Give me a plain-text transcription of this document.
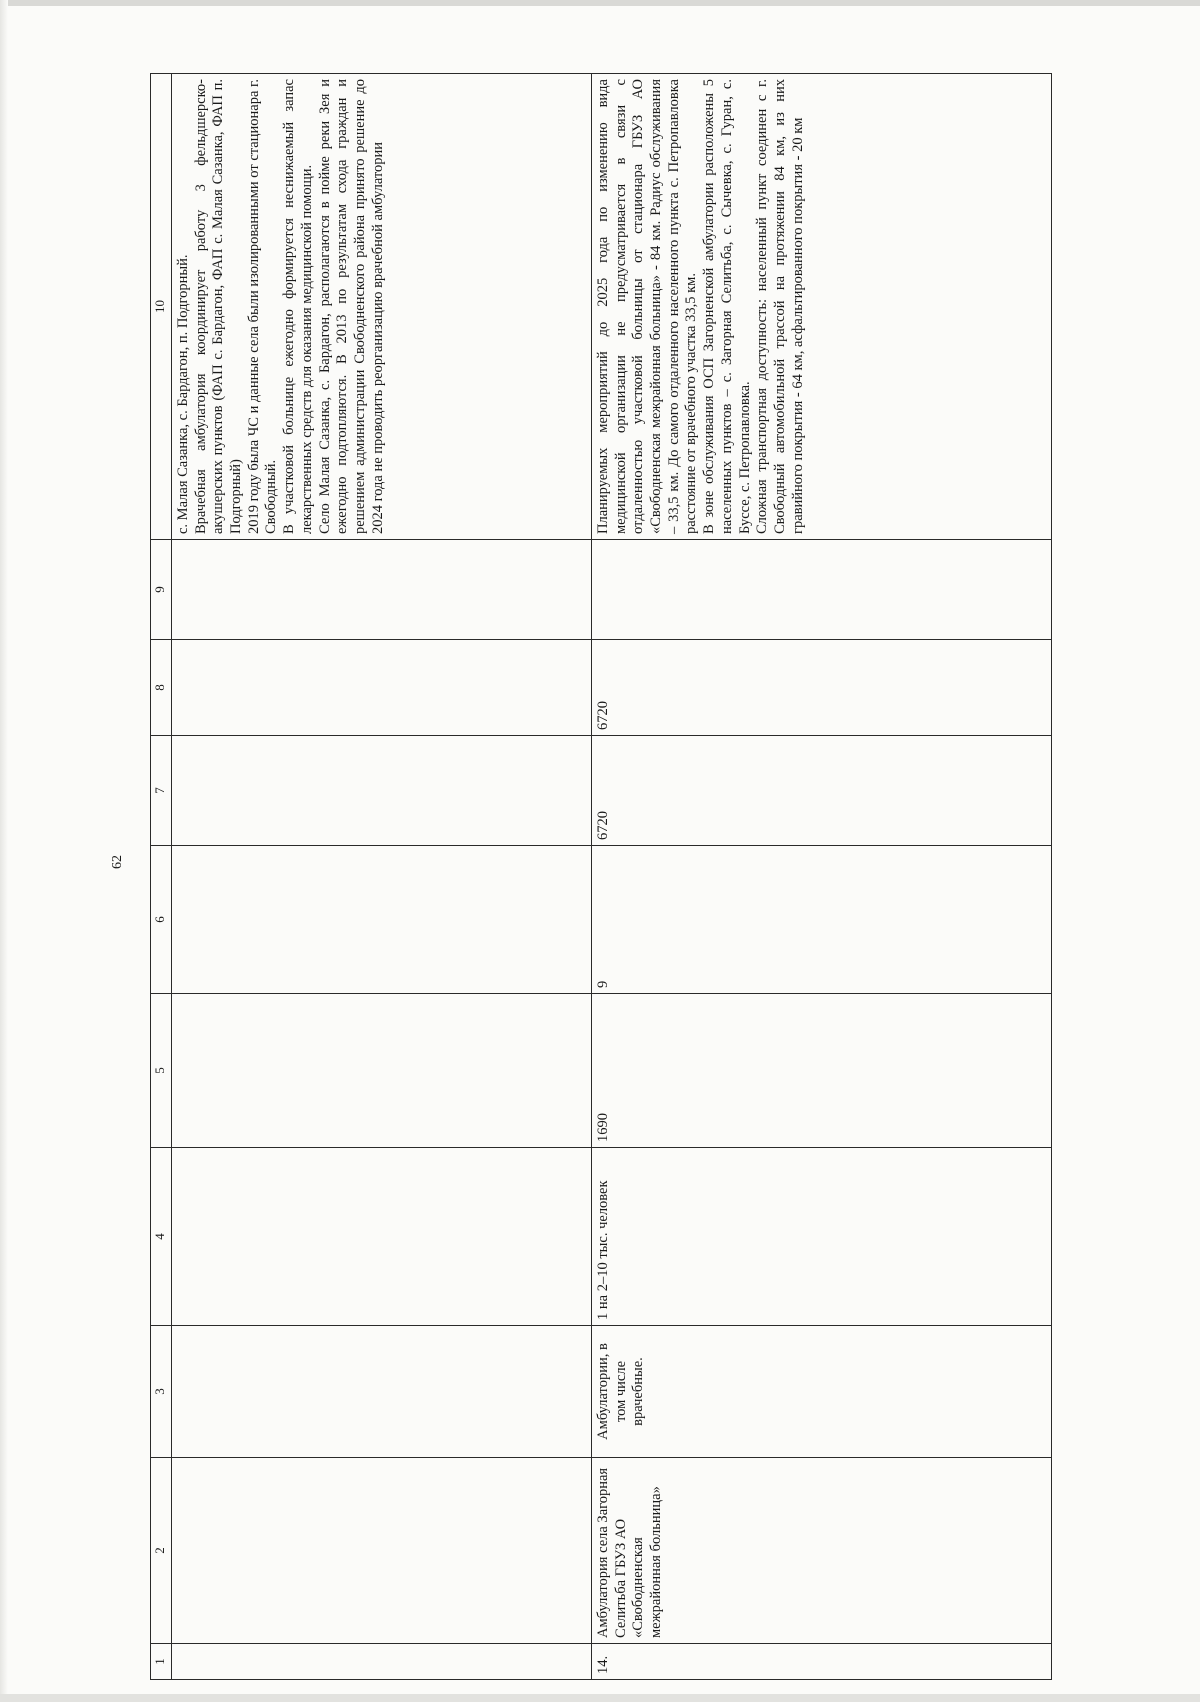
62
1	2	3	4	5	6	7	8	9	10

									с. Малая Сазанка, с. Бардагон, п. Подгорный. Врачебная амбулатория координирует работу 3 фельдшерско-акушерских пунктов (ФАП с. Бардагон, ФАП с. Малая Сазанка, ФАП п. Подгорный) 2019 году была ЧС и данные села были изолированными от стационара г. Свободный. В участковой больнице ежегодно формируется неснижаемый запас лекарственных средств для оказания медицинской помощи. Село Малая Сазанка, с. Бардагон, располагаются в пойме реки Зея и ежегодно подтопляются. В 2013 по результатам схода граждан и решением администрации Свободненского района принято решение до 2024 года не проводить реорганизацию врачебной амбулатории

14.	Амбулатория села Загорная Селитьба ГБУЗ АО «Свободненская межрайонная больница»	Амбулатории, в том числе врачебные.	1 на 2–10 тыс. человек	1690	9	6720	6720		Планируемых мероприятий до 2025 года по изменению вида медицинской организации не предусматривается в связи с отдаленностью участковой больницы от стационара ГБУЗ АО «Свободненская межрайонная больница» - 84 км. Радиус обслуживания – 33,5 км. До самого отдаленного населенного пункта с. Петропавловка расстояние от врачебного участка 33,5 км. В зоне обслуживания ОСП Загорненской амбулатории расположены 5 населенных пунктов – с. Загорная Селитьба, с. Сычевка, с. Гуран, с. Буссе, с. Петропавловка. Сложная транспортная доступность: населенный пункт соединен с г. Свободный автомобильной трассой на протяжении 84 км, из них гравийного покрытия - 64 км, асфальтированного покрытия - 20 км
